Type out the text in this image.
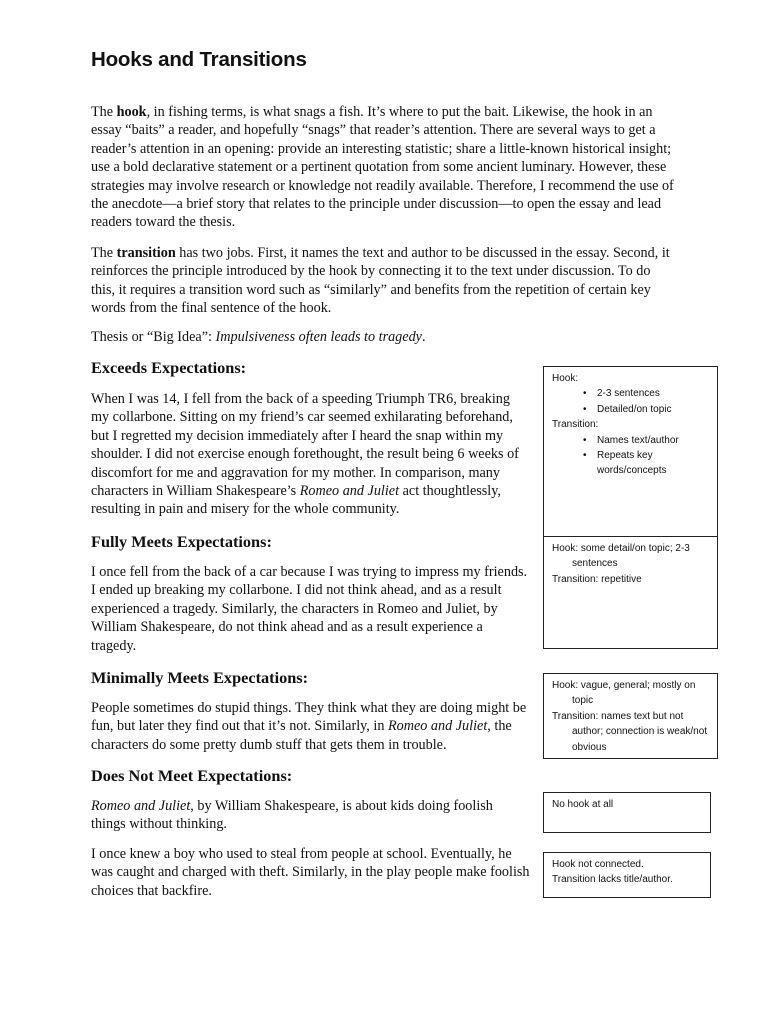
Hooks and Transitions

The hook, in fishing terms, is what snags a fish. It’s where to put the bait. Likewise, the hook in an essay “baits” a reader, and hopefully “snags” that reader’s attention. There are several ways to get a reader’s attention in an opening: provide an interesting statistic; share a little-known historical insight; use a bold declarative statement or a pertinent quotation from some ancient luminary. However, these strategies may involve research or knowledge not readily available. Therefore, I recommend the use of the anecdote—a brief story that relates to the principle under discussion—to open the essay and lead readers toward the thesis.

The transition has two jobs. First, it names the text and author to be discussed in the essay. Second, it reinforces the principle introduced by the hook by connecting it to the text under discussion. To do this, it requires a transition word such as “similarly” and benefits from the repetition of certain key words from the final sentence of the hook.

Thesis or “Big Idea”: Impulsiveness often leads to tragedy.

Exceeds Expectations:

When I was 14, I fell from the back of a speeding Triumph TR6, breaking my collarbone. Sitting on my friend’s car seemed exhilarating beforehand, but I regretted my decision immediately after I heard the snap within my shoulder. I did not exercise enough forethought, the result being 6 weeks of discomfort for me and aggravation for my mother. In comparison, many characters in William Shakespeare’s Romeo and Juliet act thoughtlessly, resulting in pain and misery for the whole community.

Fully Meets Expectations:

I once fell from the back of a car because I was trying to impress my friends. I ended up breaking my collarbone. I did not think ahead, and as a result experienced a tragedy. Similarly, the characters in Romeo and Juliet, by William Shakespeare, do not think ahead and as a result experience a tragedy.

Minimally Meets Expectations:

People sometimes do stupid things. They think what they are doing might be fun, but later they find out that it’s not. Similarly, in Romeo and Juliet, the characters do some pretty dumb stuff that gets them in trouble.

Does Not Meet Expectations:

Romeo and Juliet, by William Shakespeare, is about kids doing foolish things without thinking.

I once knew a boy who used to steal from people at school. Eventually, he was caught and charged with theft. Similarly, in the play people make foolish choices that backfire.

Hook:
• 2-3 sentences
• Detailed/on topic
Transition:
• Names text/author
• Repeats key words/concepts
Hook: some detail/on topic; 2-3 sentences
Transition: repetitive
Hook: vague, general; mostly on topic
Transition: names text but not author; connection is weak/not obvious
No hook at all
Hook not connected.
Transition lacks title/author.
